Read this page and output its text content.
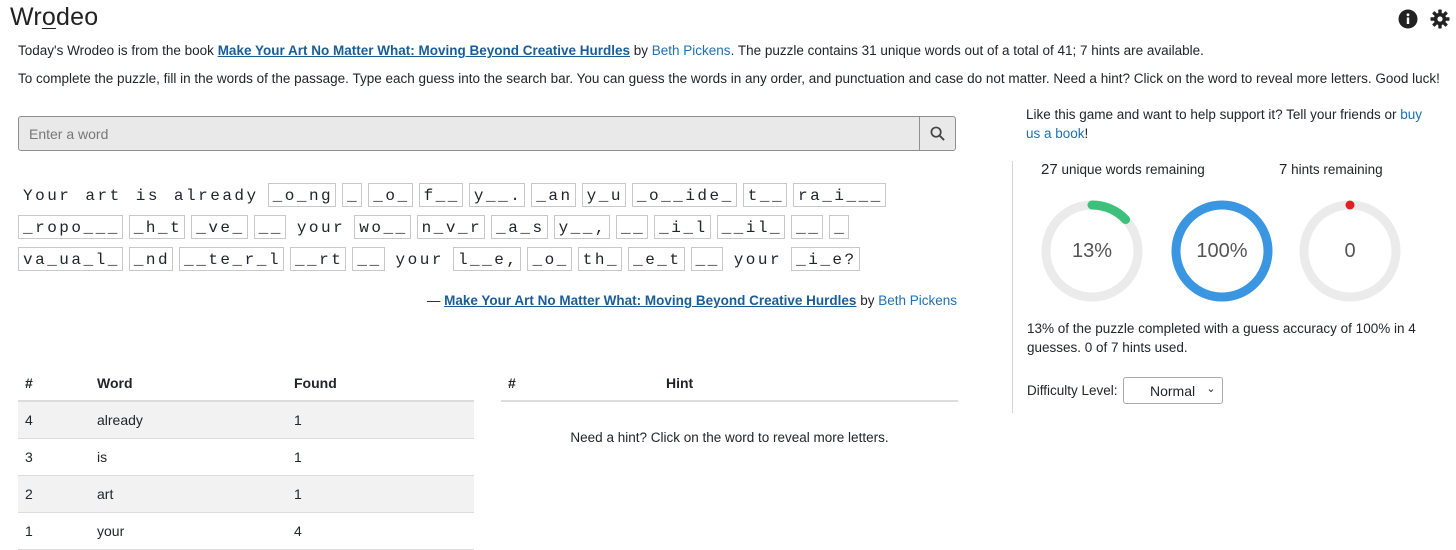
Wrodeo

Today's Wrodeo is from the book Make Your Art No Matter What: Moving Beyond Creative Hurdles by Beth Pickens. The puzzle contains 31 unique words out of a total of 41; 7 hints are available.

To complete the puzzle, fill in the words of the passage. Type each guess into the search bar. You can guess the words in any order, and punctuation and case do not matter. Need a hint? Click on the word to reveal more letters. Good luck!

Enter a word
Your art is already _o_ng _ _o_ f__ y__. _an y_u _o__ide_ t__ ra_i___
_ropo___ _h_t _ve_ __ your wo__ n_v_r _a_s y__, __ _i_l __il_ __ _
va_ua_l_ _nd __te_r_l __rt __ your l__e, _o_ th_ _e_t __ your _i_e?
— Make Your Art No Matter What: Moving Beyond Creative Hurdles by Beth Pickens
#	Word	Found
4	already	1
3	is	1
2	art	1
1	your	4
#	Hint
Need a hint? Click on the word to reveal more letters.
Like this game and want to help support it? Tell your friends or buy us a book!
27 unique words remaining	7 hints remaining
13%	100%	0
13% of the puzzle completed with a guess accuracy of 100% in 4 guesses. 0 of 7 hints used.
Difficulty Level: Normal ⌄
